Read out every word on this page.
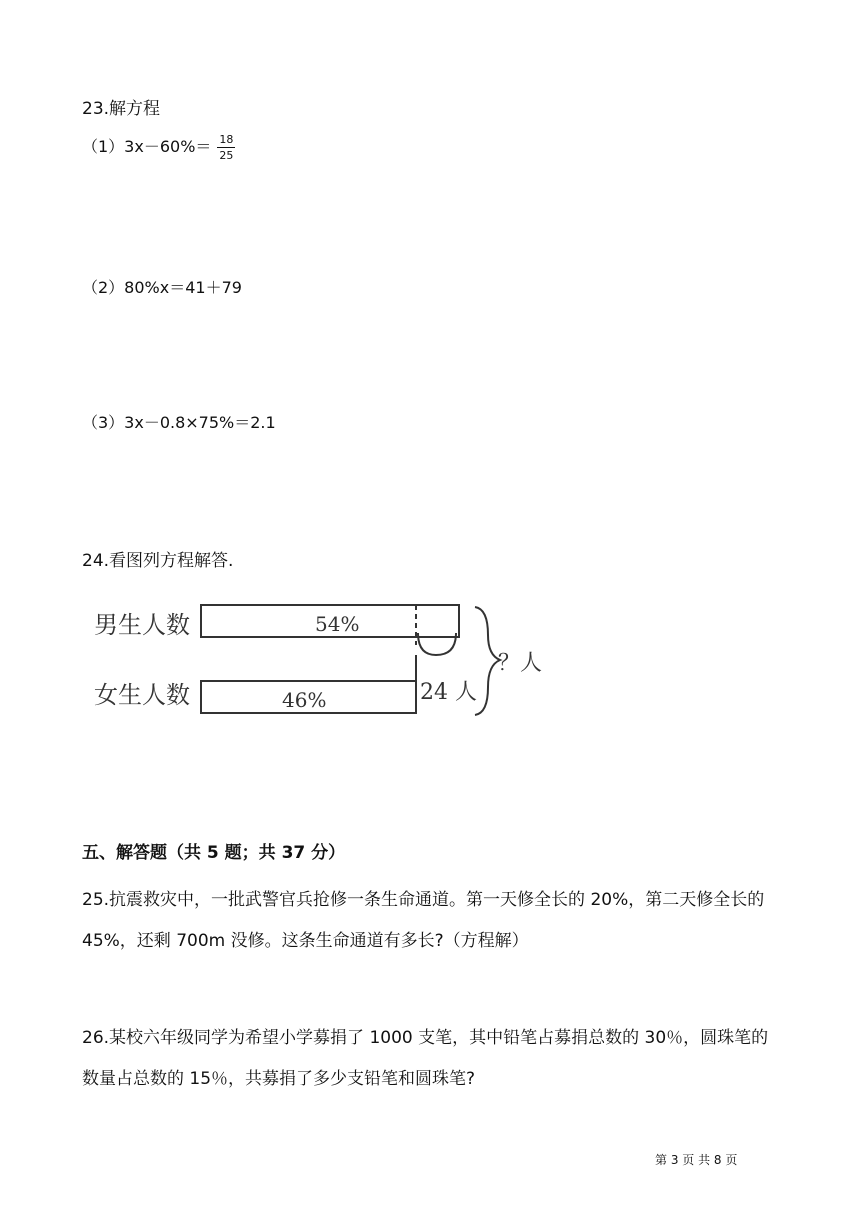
23.解方程
$(1)3x-60\%= \frac{18}{25}$
（2）80%x＝41＋79
（3）3x－0.8×75%＝2.1
24.看图列方程解答.
男生人数	54%
女生人数	46%	24 人
？人
五、解答题（共 5 题；共 37 分）
25.抗震救灾中，一批武警官兵抢修一条生命通道。第一天修全长的 20%，第二天修全长的 45%，还剩 700m 没修。这条生命通道有多长?（方程解）
26.某校六年级同学为希望小学募捐了 1000 支笔，其中铅笔占募捐总数的 30％，圆珠笔的数量占总数的 15％，共募捐了多少支铅笔和圆珠笔?
第 3 页 共 8 页
